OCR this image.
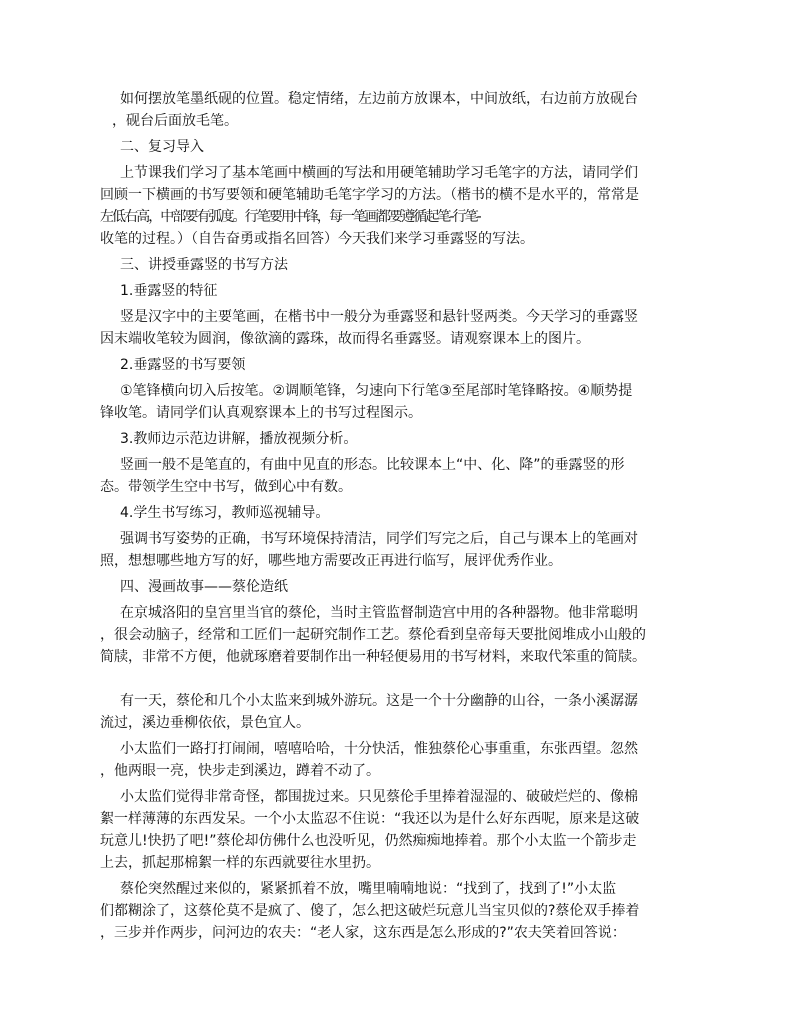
如何摆放笔墨纸砚的位置。稳定情绪，左边前方放课本，中间放纸，右边前方放砚台
，砚台后面放毛笔。
二、复习导入
上节课我们学习了基本笔画中横画的写法和用硬笔辅助学习毛笔字的方法，请同学们
回顾一下横画的书写要领和硬笔辅助毛笔字学习的方法。（楷书的横不是水平的，常常是
左 低 右 高 ， 中 部 要 有 弧 度 。 行 笔 要 用 中 锋 ， 每 一 笔 画 都 要 遵 循 起 笔 - 行 笔 -
收笔的过程。）（自告奋勇或指名回答）今天我们来学习垂露竖的写法。
三、讲授垂露竖的书写方法
1.垂露竖的特征
竖是汉字中的主要笔画，在楷书中一般分为垂露竖和悬针竖两类。今天学习的垂露竖
因末端收笔较为圆润，像欲滴的露珠，故而得名垂露竖。请观察课本上的图片。
2.垂露竖的书写要领
①笔锋横向切入后按笔。②调顺笔锋，匀速向下行笔③至尾部时笔锋略按。④顺势提
锋收笔。请同学们认真观察课本上的书写过程图示。
3.教师边示范边讲解，播放视频分析。
竖画一般不是笔直的，有曲中见直的形态。比较课本上“中、化、降”的垂露竖的形
态。带领学生空中书写，做到心中有数。
4.学生书写练习，教师巡视辅导。
强调书写姿势的正确，书写环境保持清洁，同学们写完之后，自己与课本上的笔画对
照，想想哪些地方写的好，哪些地方需要改正再进行临写，展评优秀作业。
四、漫画故事——蔡伦造纸
在京城洛阳的皇宫里当官的蔡伦，当时主管监督制造宫中用的各种器物。他非常聪明
，很会动脑子，经常和工匠们一起研究制作工艺。蔡伦看到皇帝每天要批阅堆成小山般的
简牍，非常不方便，他就琢磨着要制作出一种轻便易用的书写材料，来取代笨重的简牍。
有一天，蔡伦和几个小太监来到城外游玩。这是一个十分幽静的山谷，一条小溪潺潺
流过，溪边垂柳依依，景色宜人。
小太监们一路打打闹闹，嘻嘻哈哈，十分快活，惟独蔡伦心事重重，东张西望。忽然
，他两眼一亮，快步走到溪边，蹲着不动了。
小太监们觉得非常奇怪，都围拢过来。只见蔡伦手里捧着湿湿的、破破烂烂的、像棉
絮一样薄薄的东西发呆。一个小太监忍不住说：“我还以为是什么好东西呢，原来是这破
玩意儿!快扔了吧!”蔡伦却仿佛什么也没听见，仍然痴痴地捧着。那个小太监一个箭步走
上去，抓起那棉絮一样的东西就要往水里扔。
蔡伦突然醒过来似的，紧紧抓着不放，嘴里喃喃地说：“找到了，找到了!”小太监
们都糊涂了，这蔡伦莫不是疯了、傻了，怎么把这破烂玩意儿当宝贝似的?蔡伦双手捧着
，三步并作两步，问河边的农夫：“老人家，这东西是怎么形成的?”农夫笑着回答说：
